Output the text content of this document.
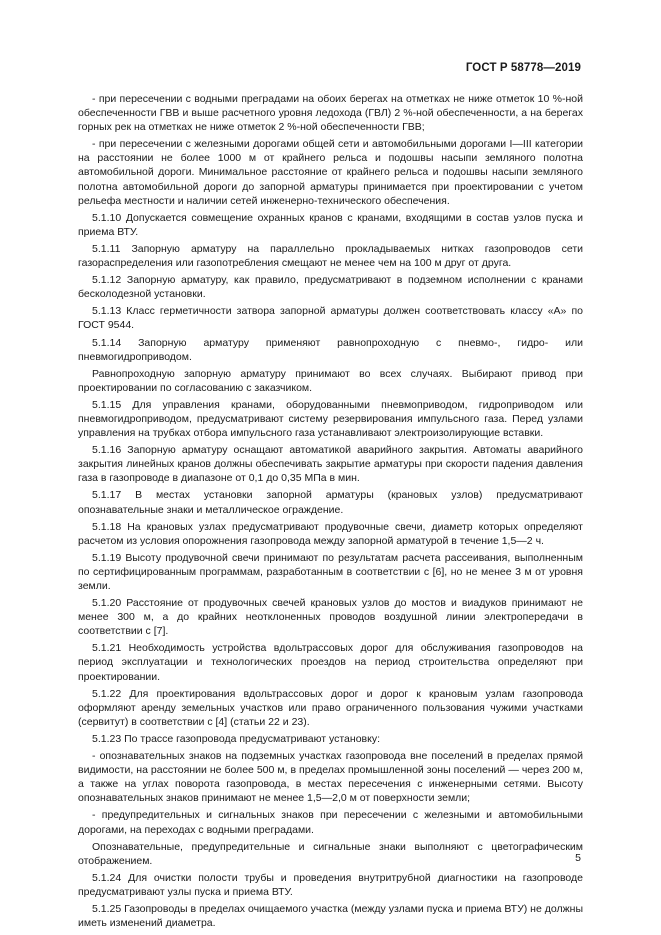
ГОСТ Р 58778—2019

- при пересечении с водными преградами на обоих берегах на отметках не ниже отметок 10 %-ной обеспеченности ГВВ и выше расчетного уровня ледохода (ГВЛ) 2 %-ной обеспеченности, а на берегах горных рек на отметках не ниже отметок 2 %-ной обеспеченности ГВВ;

- при пересечении с железными дорогами общей сети и автомобильными дорогами I—III категории на расстоянии не более 1000 м от крайнего рельса и подошвы насыпи земляного полотна автомобильной дороги. Минимальное расстояние от крайнего рельса и подошвы насыпи земляного полотна автомобильной дороги до запорной арматуры принимается при проектировании с учетом рельефа местности и наличии сетей инженерно-технического обеспечения.

5.1.10 Допускается совмещение охранных кранов с кранами, входящими в состав узлов пуска и приема ВТУ.

5.1.11 Запорную арматуру на параллельно прокладываемых нитках газопроводов сети газораспределения или газопотребления смещают не менее чем на 100 м друг от друга.

5.1.12 Запорную арматуру, как правило, предусматривают в подземном исполнении с кранами бесколодезной установки.

5.1.13 Класс герметичности затвора запорной арматуры должен соответствовать классу «А» по ГОСТ 9544.

5.1.14 Запорную арматуру применяют равнопроходную с пневмо-, гидро- или пневмогидроприводом.

Равнопроходную запорную арматуру принимают во всех случаях. Выбирают привод при проектировании по согласованию с заказчиком.

5.1.15 Для управления кранами, оборудованными пневмоприводом, гидроприводом или пневмогидроприводом, предусматривают систему резервирования импульсного газа. Перед узлами управления на трубках отбора импульсного газа устанавливают электроизолирующие вставки.

5.1.16 Запорную арматуру оснащают автоматикой аварийного закрытия. Автоматы аварийного закрытия линейных кранов должны обеспечивать закрытие арматуры при скорости падения давления газа в газопроводе в диапазоне от 0,1 до 0,35 МПа в мин.

5.1.17 В местах установки запорной арматуры (крановых узлов) предусматривают опознавательные знаки и металлическое ограждение.

5.1.18 На крановых узлах предусматривают продувочные свечи, диаметр которых определяют расчетом из условия опорожнения газопровода между запорной арматурой в течение 1,5—2 ч.

5.1.19 Высоту продувочной свечи принимают по результатам расчета рассеивания, выполненным по сертифицированным программам, разработанным в соответствии с [6], но не менее 3 м от уровня земли.

5.1.20 Расстояние от продувочных свечей крановых узлов до мостов и виадуков принимают не менее 300 м, а до крайних неотклоненных проводов воздушной линии электропередачи в соответствии с [7].

5.1.21 Необходимость устройства вдольтрассовых дорог для обслуживания газопроводов на период эксплуатации и технологических проездов на период строительства определяют при проектировании.

5.1.22 Для проектирования вдольтрассовых дорог и дорог к крановым узлам газопровода оформляют аренду земельных участков или право ограниченного пользования чужими участками (сервитут) в соответствии с [4] (статьи 22 и 23).

5.1.23 По трассе газопровода предусматривают установку:

- опознавательных знаков на подземных участках газопровода вне поселений в пределах прямой видимости, на расстоянии не более 500 м, в пределах промышленной зоны поселений — через 200 м, а также на углах поворота газопровода, в местах пересечения с инженерными сетями. Высоту опознавательных знаков принимают не менее 1,5—2,0 м от поверхности земли;

- предупредительных и сигнальных знаков при пересечении с железными и автомобильными дорогами, на переходах с водными преградами.

Опознавательные, предупредительные и сигнальные знаки выполняют с цветографическим отображением.

5.1.24 Для очистки полости трубы и проведения внутритрубной диагностики на газопроводе предусматривают узлы пуска и приема ВТУ.

5.1.25 Газопроводы в пределах очищаемого участка (между узлами пуска и приема ВТУ) не должны иметь изменений диаметра.

5
